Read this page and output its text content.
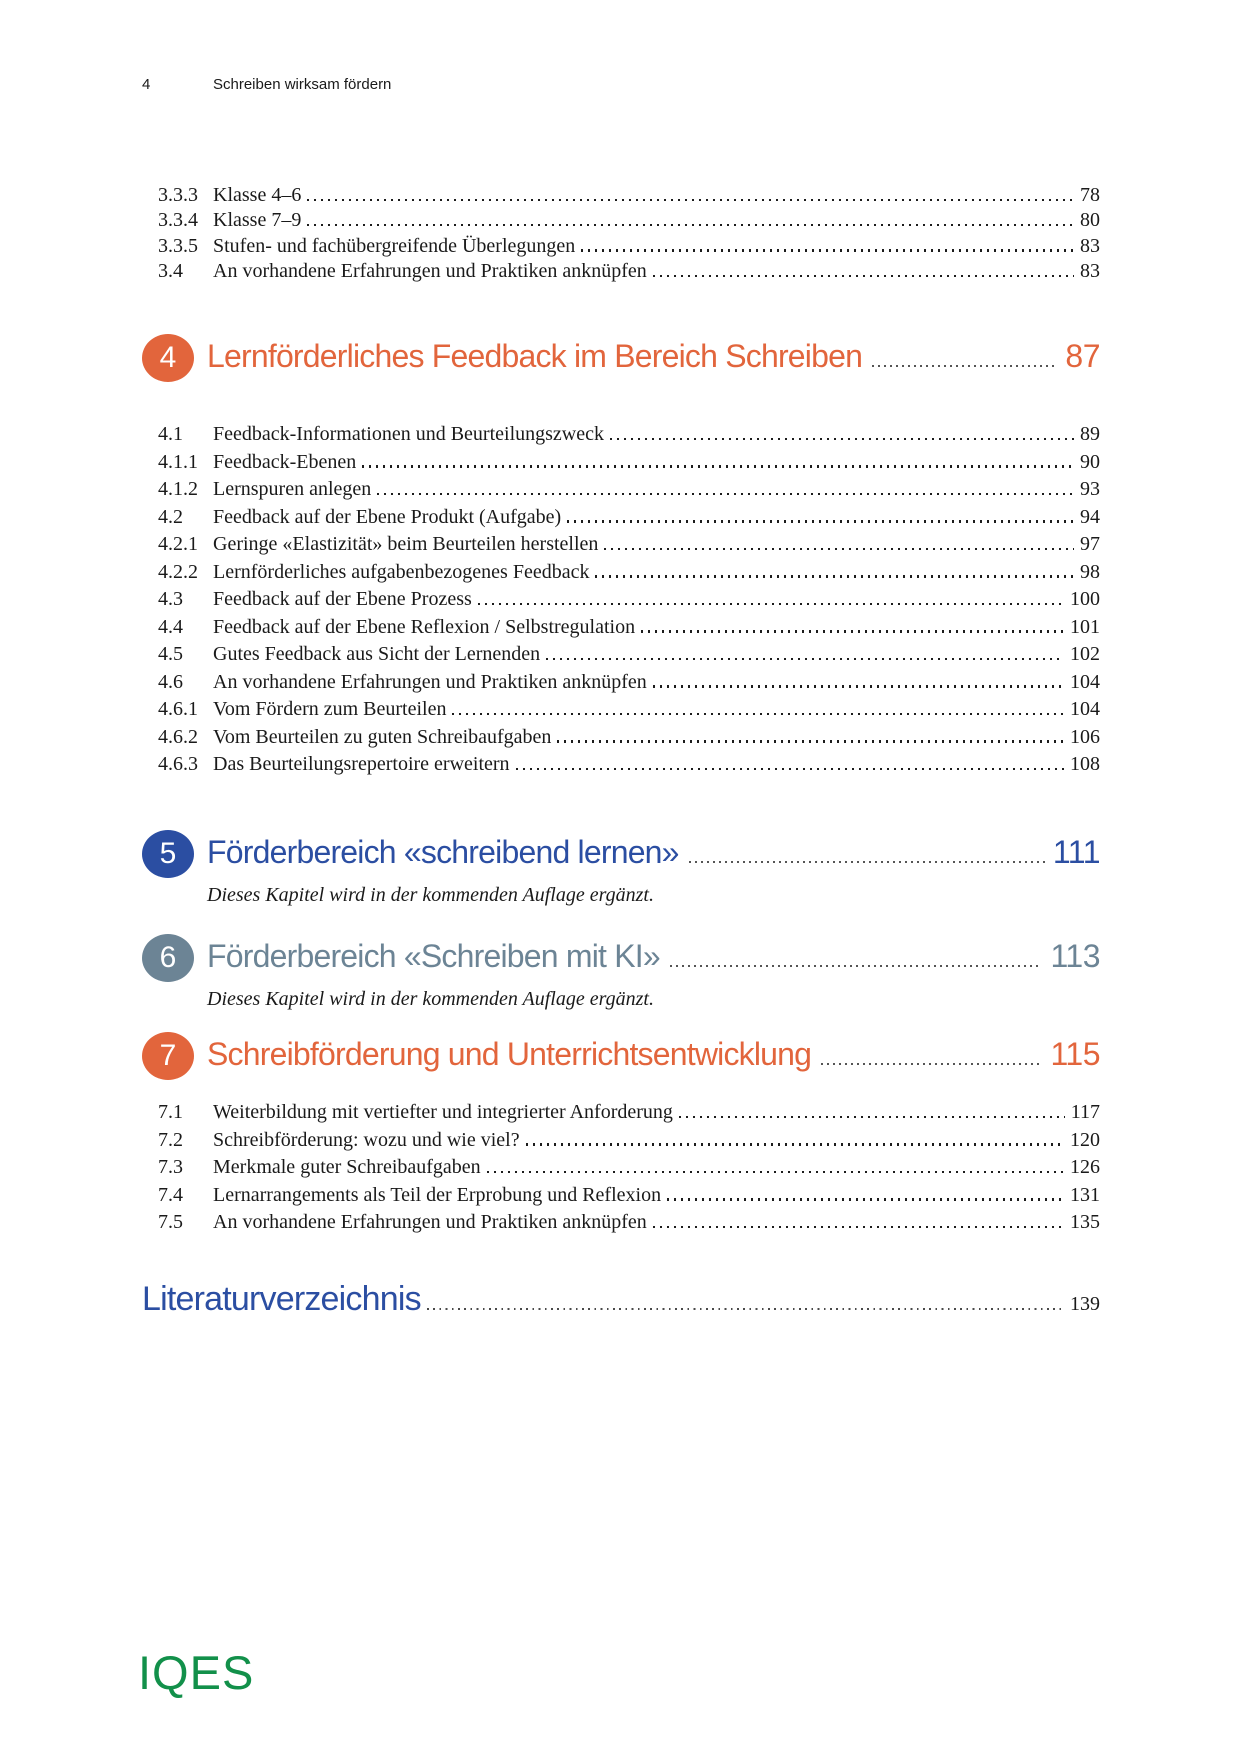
4	Schreiben wirksam fördern
3.3.3 Klasse 4–6	78
3.3.4 Klasse 7–9	80
3.3.5 Stufen- und fachübergreifende Überlegungen	83
3.4	An vorhandene Erfahrungen und Praktiken anknüpfen	83
4 Lernförderliches Feedback im Bereich Schreiben	87
4.1	Feedback-Informationen und Beurteilungszweck	89
4.1.1 Feedback-Ebenen	90
4.1.2 Lernspuren anlegen	93
4.2	Feedback auf der Ebene Produkt (Aufgabe)	94
4.2.1 Geringe «Elastizität» beim Beurteilen herstellen	97
4.2.2 Lernförderliches aufgabenbezogenes Feedback	98
4.3	Feedback auf der Ebene Prozess	100
4.4	Feedback auf der Ebene Reflexion / Selbstregulation	101
4.5	Gutes Feedback aus Sicht der Lernenden	102
4.6	An vorhandene Erfahrungen und Praktiken anknüpfen	104
4.6.1 Vom Fördern zum Beurteilen	104
4.6.2 Vom Beurteilen zu guten Schreibaufgaben	106
4.6.3 Das Beurteilungsrepertoire erweitern	108
5 Förderbereich «schreibend lernen»	111
Dieses Kapitel wird in der kommenden Auflage ergänzt.
6 Förderbereich «Schreiben mit KI»	113
Dieses Kapitel wird in der kommenden Auflage ergänzt.
7 Schreibförderung und Unterrichtsentwicklung	115
7.1	Weiterbildung mit vertiefter und integrierter Anforderung	117
7.2	Schreibförderung: wozu und wie viel?	120
7.3	Merkmale guter Schreibaufgaben	126
7.4	Lernarrangements als Teil der Erprobung und Reflexion	131
7.5	An vorhandene Erfahrungen und Praktiken anknüpfen	135
Literaturverzeichnis	139
IQES
